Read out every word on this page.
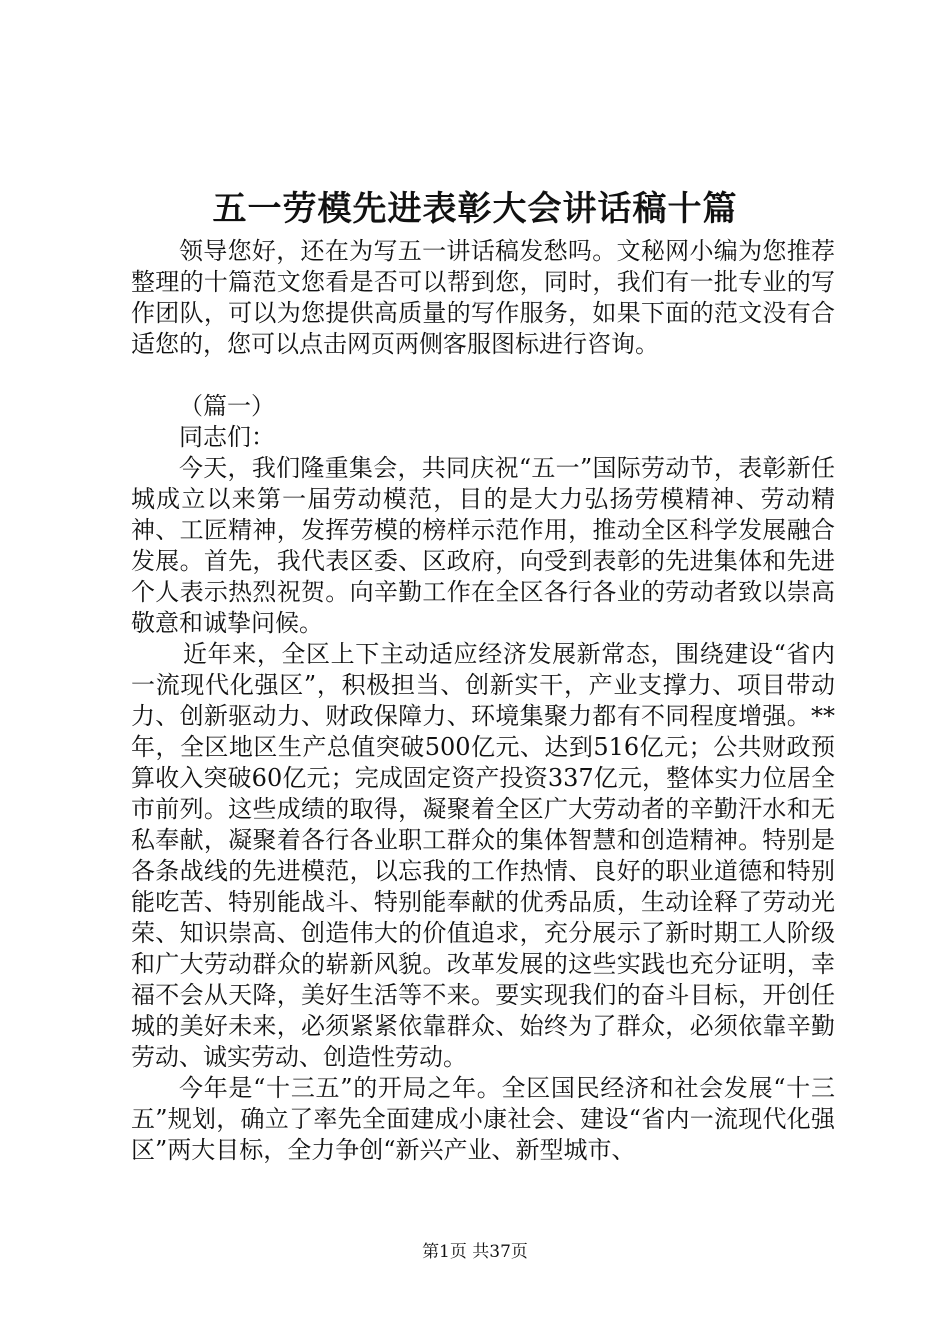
五一劳模先进表彰大会讲话稿十篇

领导您好，还在为写五一讲话稿发愁吗。文秘网小编为您推荐整理的十篇范文您看是否可以帮到您，同时，我们有一批专业的写作团队，可以为您提供高质量的写作服务，如果下面的范文没有合适您的，您可以点击网页两侧客服图标进行咨询。

（篇一）

同志们：

今天，我们隆重集会，共同庆祝“五一”国际劳动节，表彰新任城成立以来第一届劳动模范，目的是大力弘扬劳模精神、劳动精神、工匠精神，发挥劳模的榜样示范作用，推动全区科学发展融合发展。首先，我代表区委、区政府，向受到表彰的先进集体和先进个人表示热烈祝贺。向辛勤工作在全区各行各业的劳动者致以崇高敬意和诚挚问候。

近年来，全区上下主动适应经济发展新常态，围绕建设“省内一流现代化强区”，积极担当、创新实干，产业支撑力、项目带动力、创新驱动力、财政保障力、环境集聚力都有不同程度增强。**年，全区地区生产总值突破500亿元、达到516亿元；公共财政预算收入突破60亿元；完成固定资产投资337亿元，整体实力位居全市前列。这些成绩的取得，凝聚着全区广大劳动者的辛勤汗水和无私奉献，凝聚着各行各业职工群众的集体智慧和创造精神。特别是各条战线的先进模范，以忘我的工作热情、良好的职业道德和特别能吃苦、特别能战斗、特别能奉献的优秀品质，生动诠释了劳动光荣、知识崇高、创造伟大的价值追求，充分展示了新时期工人阶级和广大劳动群众的崭新风貌。改革发展的这些实践也充分证明，幸福不会从天降，美好生活等不来。要实现我们的奋斗目标，开创任城的美好未来，必须紧紧依靠群众、始终为了群众，必须依靠辛勤劳动、诚实劳动、创造性劳动。

今年是“十三五”的开局之年。全区国民经济和社会发展“十三五”规划，确立了率先全面建成小康社会、建设“省内一流现代化强区”两大目标，全力争创“新兴产业、新型城市、

第1页 共37页
